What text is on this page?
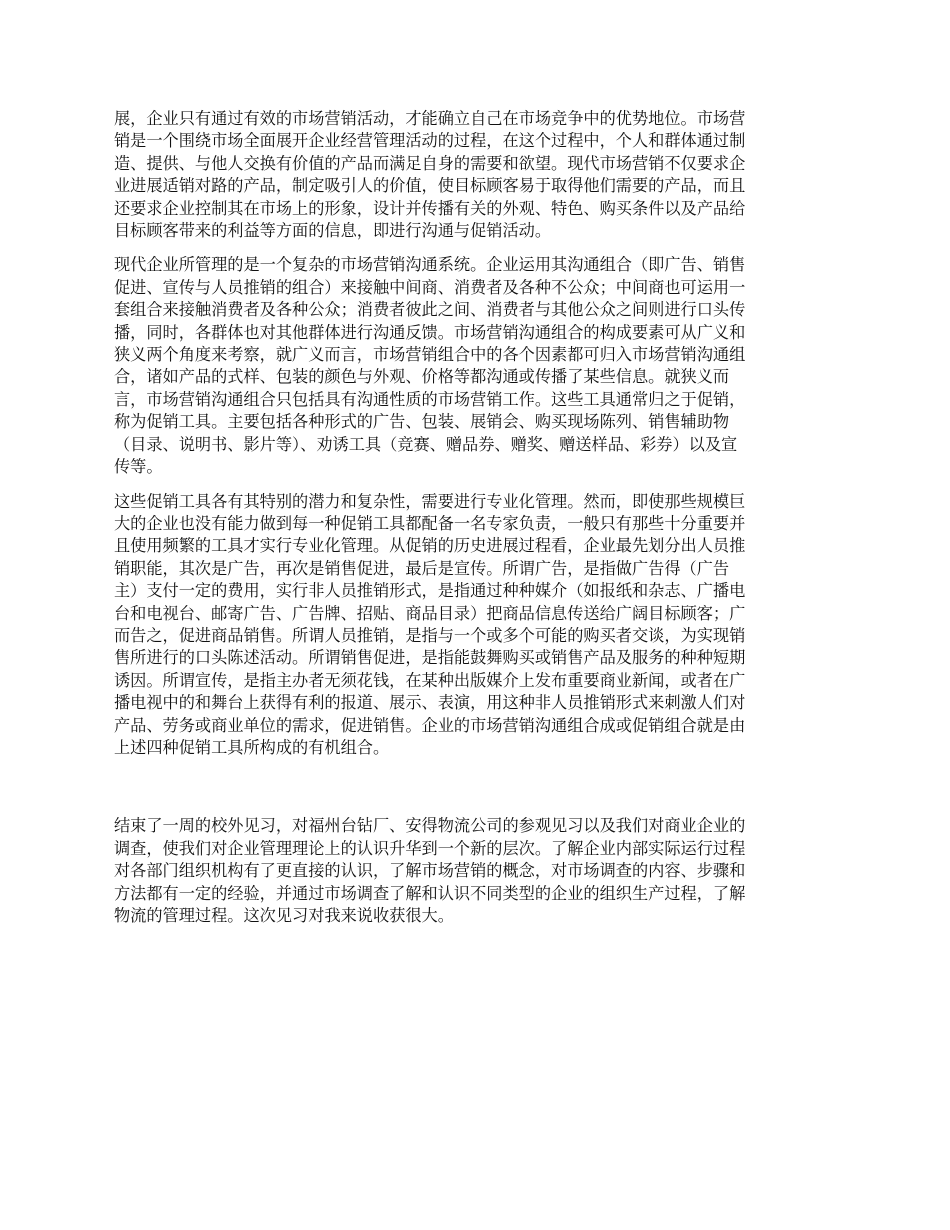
展，企业只有通过有效的市场营销活动，才能确立自己在市场竞争中的优势地位。市场营
销是一个围绕市场全面展开企业经营管理活动的过程，在这个过程中，个人和群体通过制
造、提供、与他人交换有价值的产品而满足自身的需要和欲望。现代市场营销不仅要求企
业进展适销对路的产品，制定吸引人的价值，使目标顾客易于取得他们需要的产品，而且
还要求企业控制其在市场上的形象，设计并传播有关的外观、特色、购买条件以及产品给
目标顾客带来的利益等方面的信息，即进行沟通与促销活动。

现代企业所管理的是一个复杂的市场营销沟通系统。企业运用其沟通组合（即广告、销售
促进、宣传与人员推销的组合）来接触中间商、消费者及各种不公众；中间商也可运用一
套组合来接触消费者及各种公众；消费者彼此之间、消费者与其他公众之间则进行口头传
播，同时，各群体也对其他群体进行沟通反馈。市场营销沟通组合的构成要素可从广义和
狭义两个角度来考察，就广义而言，市场营销组合中的各个因素都可归入市场营销沟通组
合，诸如产品的式样、包装的颜色与外观、价格等都沟通或传播了某些信息。就狭义而
言，市场营销沟通组合只包括具有沟通性质的市场营销工作。这些工具通常归之于促销，
称为促销工具。主要包括各种形式的广告、包装、展销会、购买现场陈列、销售辅助物
（目录、说明书、影片等）、劝诱工具（竞赛、赠品券、赠奖、赠送样品、彩券）以及宣
传等。

这些促销工具各有其特别的潜力和复杂性，需要进行专业化管理。然而，即使那些规模巨
大的企业也没有能力做到每一种促销工具都配备一名专家负责，一般只有那些十分重要并
且使用频繁的工具才实行专业化管理。从促销的历史进展过程看，企业最先划分出人员推
销职能，其次是广告，再次是销售促进，最后是宣传。所谓广告，是指做广告得（广告
主）支付一定的费用，实行非人员推销形式，是指通过种种媒介（如报纸和杂志、广播电
台和电视台、邮寄广告、广告牌、招贴、商品目录）把商品信息传送给广阔目标顾客；广
而告之，促进商品销售。所谓人员推销，是指与一个或多个可能的购买者交谈，为实现销
售所进行的口头陈述活动。所谓销售促进，是指能鼓舞购买或销售产品及服务的种种短期
诱因。所谓宣传，是指主办者无须花钱，在某种出版媒介上发布重要商业新闻，或者在广
播电视中的和舞台上获得有利的报道、展示、表演，用这种非人员推销形式来刺激人们对
产品、劳务或商业单位的需求，促进销售。企业的市场营销沟通组合成或促销组合就是由
上述四种促销工具所构成的有机组合。

结束了一周的校外见习，对福州台钻厂、安得物流公司的参观见习以及我们对商业企业的
调查，使我们对企业管理理论上的认识升华到一个新的层次。了解企业内部实际运行过程
对各部门组织机构有了更直接的认识，了解市场营销的概念，对市场调查的内容、步骤和
方法都有一定的经验，并通过市场调查了解和认识不同类型的企业的组织生产过程，了解
物流的管理过程。这次见习对我来说收获很大。
